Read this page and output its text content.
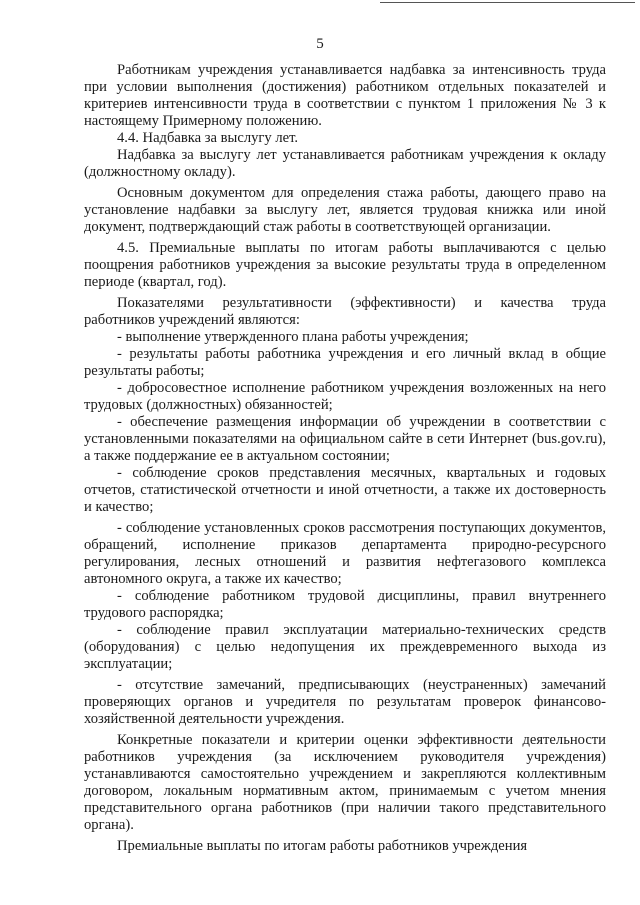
5

Работникам учреждения устанавливается надбавка за интенсивность труда при условии выполнения (достижения) работником отдельных показателей и критериев интенсивности труда в соответствии с пунктом 1 приложения № 3 к настоящему Примерному положению.

4.4. Надбавка за выслугу лет.

Надбавка за выслугу лет устанавливается работникам учреждения к окладу (должностному окладу).

Основным документом для определения стажа работы, дающего право на установление надбавки за выслугу лет, является трудовая книжка или иной документ, подтверждающий стаж работы в соответствующей организации.

4.5. Премиальные выплаты по итогам работы выплачиваются с целью поощрения работников учреждения за высокие результаты труда в определенном периоде (квартал, год).

Показателями результативности (эффективности) и качества труда работников учреждений являются:

- выполнение утвержденного плана работы учреждения;

- результаты работы работника учреждения и его личный вклад в общие результаты работы;

- добросовестное исполнение работником учреждения возложенных на него трудовых (должностных) обязанностей;

- обеспечение размещения информации об учреждении в соответствии с установленными показателями на официальном сайте в сети Интернет (bus.gov.ru), а также поддержание ее в актуальном состоянии;

- соблюдение сроков представления месячных, квартальных и годовых отчетов, статистической отчетности и иной отчетности, а также их достоверность и качество;

- соблюдение установленных сроков рассмотрения поступающих документов, обращений, исполнение приказов департамента природно-ресурсного регулирования, лесных отношений и развития нефтегазового комплекса автономного округа, а также их качество;

- соблюдение работником трудовой дисциплины, правил внутреннего трудового распорядка;

- соблюдение правил эксплуатации материально-технических средств (оборудования) с целью недопущения их преждевременного выхода из эксплуатации;

- отсутствие замечаний, предписывающих (неустраненных) замечаний проверяющих органов и учредителя по результатам проверок финансово-хозяйственной деятельности учреждения.

Конкретные показатели и критерии оценки эффективности деятельности работников учреждения (за исключением руководителя учреждения) устанавливаются самостоятельно учреждением и закрепляются коллективным договором, локальным нормативным актом, принимаемым с учетом мнения представительного органа работников (при наличии такого представительного органа).

Премиальные выплаты по итогам работы работников учреждения
